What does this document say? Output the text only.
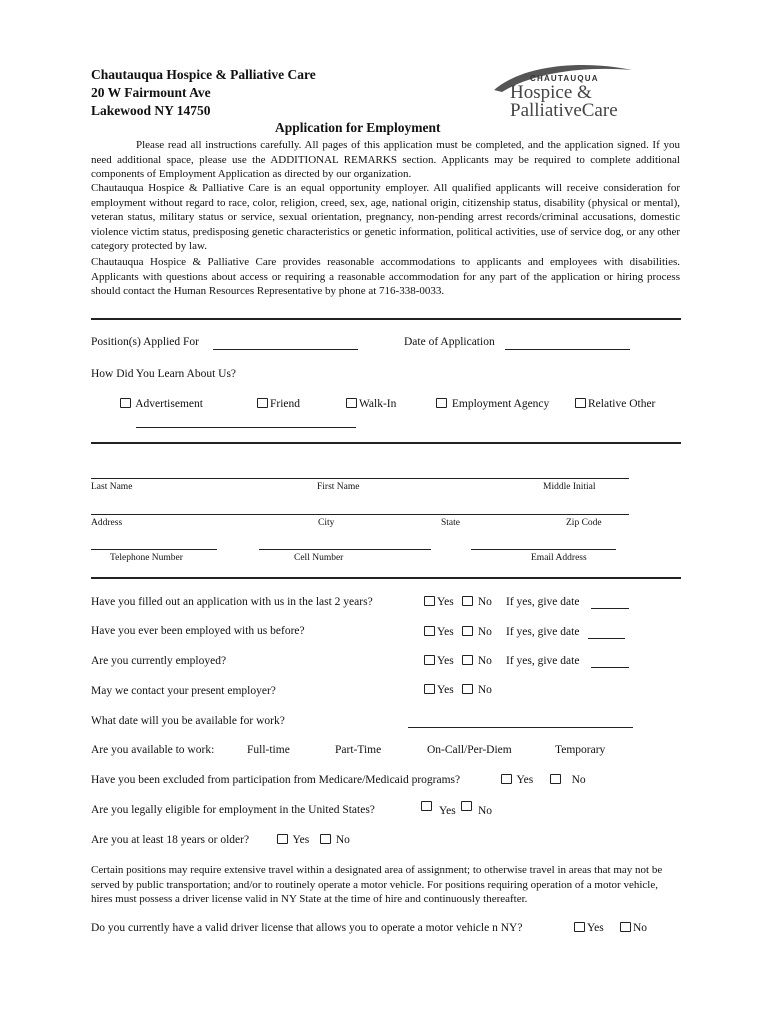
Chautauqua Hospice & Palliative Care
20 W Fairmount Ave
Lakewood NY 14750
CHAUTAUQUA
Hospice &
PalliativeCare
Application for Employment
Please read all instructions carefully. All pages of this application must be completed, and the application signed. If you need additional space, please use the ADDITIONAL REMARKS section. Applicants may be required to complete additional components of Employment Application as directed by our organization.
Chautauqua Hospice & Palliative Care is an equal opportunity employer. All qualified applicants will receive consideration for employment without regard to race, color, religion, creed, sex, age, national origin, citizenship status, disability (physical or mental), veteran status, military status or service, sexual orientation, pregnancy, non-pending arrest records/criminal accusations, domestic violence victim status, predisposing genetic characteristics or genetic information, political activities, use of service dog, or any other category protected by law.
Chautauqua Hospice & Palliative Care provides reasonable accommodations to applicants and employees with disabilities. Applicants with questions about access or requiring a reasonable accommodation for any part of the application or hiring process should contact the Human Resources Representative by phone at 716-338-0033.
Position(s) Applied For	Date of Application
How Did You Learn About Us?
Advertisement	Friend	Walk-In	Employment Agency	Relative Other
Last Name	First Name	Middle Initial
Address	City	State	Zip Code
Telephone Number	Cell Number	Email Address
Have you filled out an application with us in the last 2 years?	Yes	No If yes, give date
Have you ever been employed with us before?	Yes	No If yes, give date
Are you currently employed?	Yes	No If yes, give date
May we contact your present employer?	Yes	No
What date will you be available for work?
Are you available to work:	Full-time	Part-Time	On-Call/Per-Diem	Temporary
Have you been excluded from participation from Medicare/Medicaid programs?	Yes	No
Are you legally eligible for employment in the United States?	Yes No
Are you at least 18 years or older?	Yes	No
Certain positions may require extensive travel within a designated area of assignment; to otherwise travel in areas that may not be served by public transportation; and/or to routinely operate a motor vehicle. For positions requiring operation of a motor vehicle, hires must possess a driver license valid in NY State at the time of hire and continuously thereafter.
Do you currently have a valid driver license that allows you to operate a motor vehicle n NY?	Yes	No
